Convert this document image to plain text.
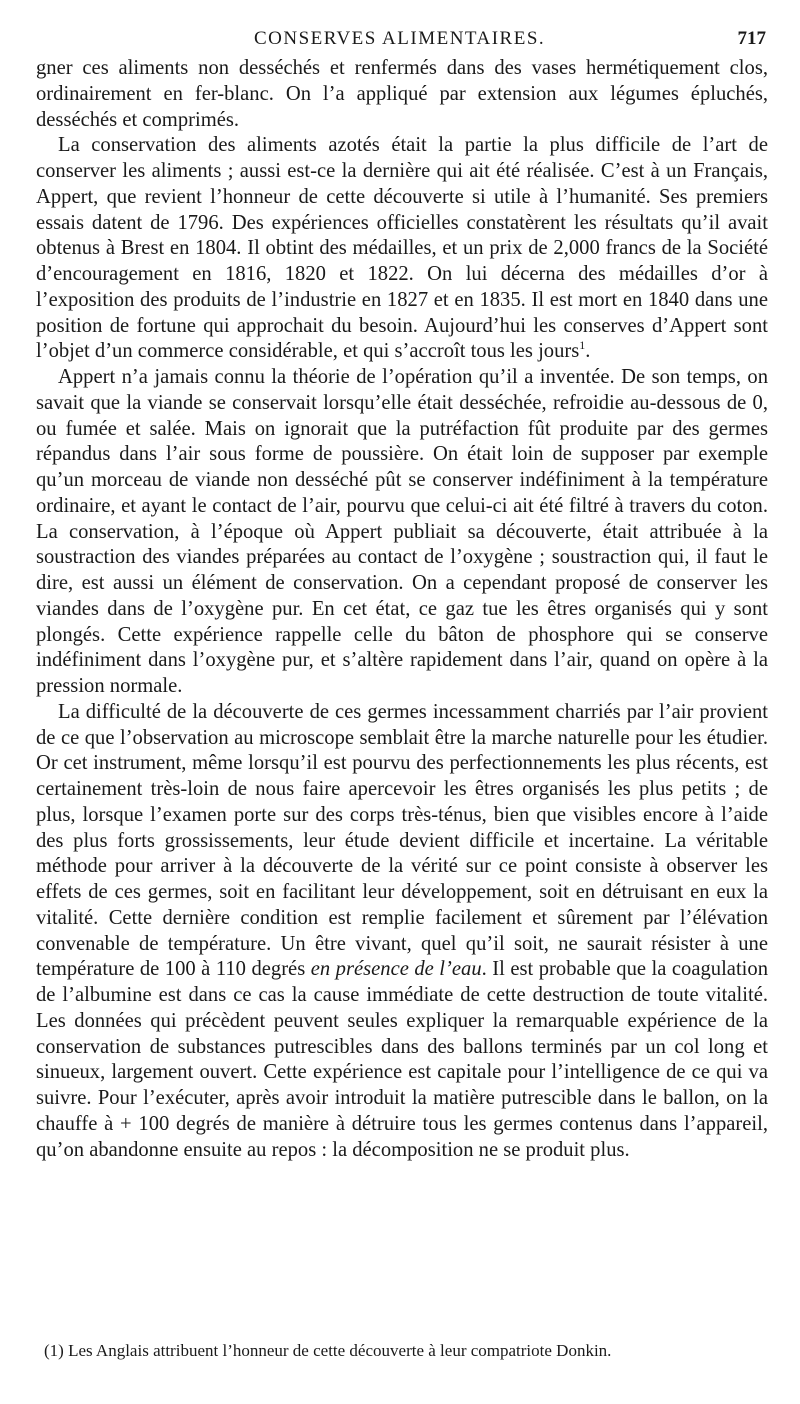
CONSERVES ALIMENTAIRES.	717

gner ces aliments non desséchés et renfermés dans des vases hermétiquement clos, ordinairement en fer-blanc. On l’a appliqué par extension aux légumes épluchés, desséchés et comprimés.

La conservation des aliments azotés était la partie la plus difficile de l’art de conserver les aliments ; aussi est-ce la dernière qui ait été réalisée. C’est à un Français, Appert, que revient l’honneur de cette découverte si utile à l’humanité. Ses premiers essais datent de 1796. Des expériences officielles constatèrent les résultats qu’il avait obtenus à Brest en 1804. Il obtint des médailles, et un prix de 2,000 francs de la Société d’encouragement en 1816, 1820 et 1822. On lui décerna des médailles d’or à l’exposition des produits de l’industrie en 1827 et en 1835. Il est mort en 1840 dans une position de fortune qui approchait du besoin. Aujourd’hui les conserves d’Appert sont l’objet d’un commerce considérable, et qui s’accroît tous les jours$^1$.

Appert n’a jamais connu la théorie de l’opération qu’il a inventée. De son temps, on savait que la viande se conservait lorsqu’elle était desséchée, refroidie au-dessous de 0, ou fumée et salée. Mais on ignorait que la putréfaction fût produite par des germes répandus dans l’air sous forme de poussière. On était loin de supposer par exemple qu’un morceau de viande non desséché pût se conserver indéfiniment à la température ordinaire, et ayant le contact de l’air, pourvu que celui-ci ait été filtré à travers du coton. La conservation, à l’époque où Appert publiait sa découverte, était attribuée à la soustraction des viandes préparées au contact de l’oxygène ; soustraction qui, il faut le dire, est aussi un élément de conservation. On a cependant proposé de conserver les viandes dans de l’oxygène pur. En cet état, ce gaz tue les êtres organisés qui y sont plongés. Cette expérience rappelle celle du bâton de phosphore qui se conserve indéfiniment dans l’oxygène pur, et s’altère rapidement dans l’air, quand on opère à la pression normale.

La difficulté de la découverte de ces germes incessamment charriés par l’air provient de ce que l’observation au microscope semblait être la marche naturelle pour les étudier. Or cet instrument, même lorsqu’il est pourvu des perfectionnements les plus récents, est certainement très-loin de nous faire apercevoir les êtres organisés les plus petits ; de plus, lorsque l’examen porte sur des corps très-ténus, bien que visibles encore à l’aide des plus forts grossissements, leur étude devient difficile et incertaine. La véritable méthode pour arriver à la découverte de la vérité sur ce point consiste à observer les effets de ces germes, soit en facilitant leur développement, soit en détruisant en eux la vitalité. Cette dernière condition est remplie facilement et sûrement par l’élévation convenable de température. Un être vivant, quel qu’il soit, ne saurait résister à une température de 100 à 110 degrés en présence de l’eau. Il est probable que la coagulation de l’albumine est dans ce cas la cause immédiate de cette destruction de toute vitalité. Les données qui précèdent peuvent seules expliquer la remarquable expérience de la conservation de substances putrescibles dans des ballons terminés par un col long et sinueux, largement ouvert. Cette expérience est capitale pour l’intelligence de ce qui va suivre. Pour l’exécuter, après avoir introduit la matière putrescible dans le ballon, on la chauffe à + 100 degrés de manière à détruire tous les germes contenus dans l’appareil, qu’on abandonne ensuite au repos : la décomposition ne se produit plus.

(1) Les Anglais attribuent l’honneur de cette découverte à leur compatriote Donkin.
